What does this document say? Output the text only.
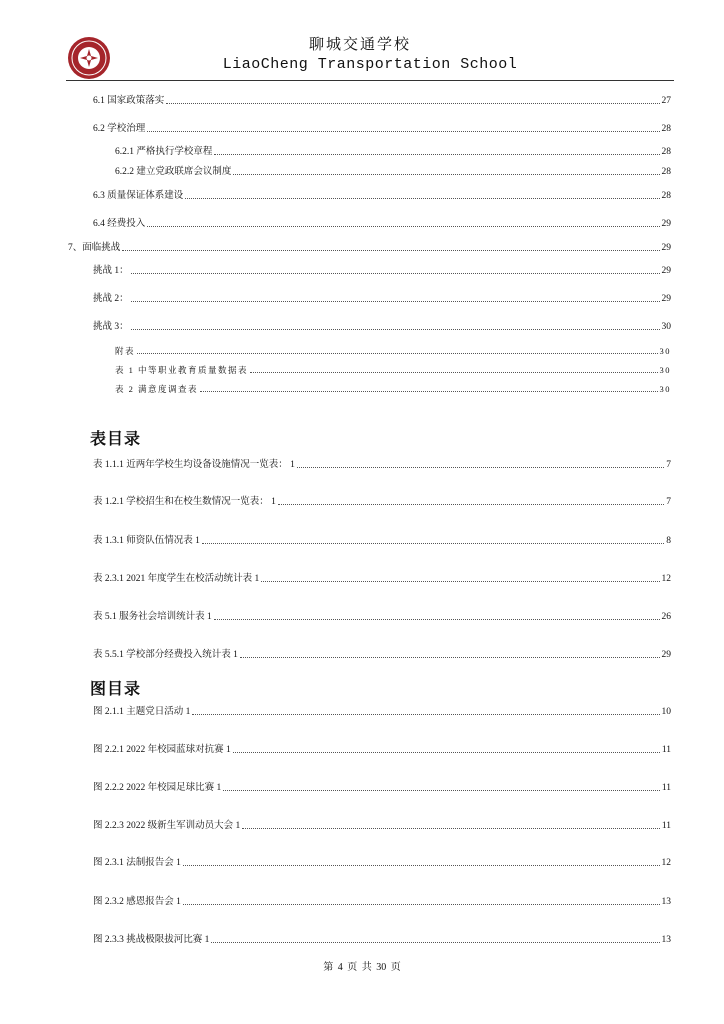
聊城交通学校
LiaoCheng Transportation School
6.1 国家政策落实	27
6.2 学校治理	28
6.2.1 严格执行学校章程	28
6.2.2 建立党政联席会议制度	28
6.3 质量保证体系建设	28
6.4 经费投入	29
7、面临挑战	29
挑战 1：	29
挑战 2：	29
挑战 3：	30
附表	30
表 1 中等职业教育质量数据表	30
表 2 满意度调查表	30
表目录
表 1.1.1 近两年学校生均设备设施情况一览表： 1	7
表 1.2.1 学校招生和在校生数情况一览表： 1	7
表 1.3.1 师资队伍情况表 1	8
表 2.3.1 2021 年度学生在校活动统计表 1	12
表 5.1 服务社会培训统计表 1	26
表 5.5.1 学校部分经费投入统计表 1	29
图目录
图 2.1.1 主题党日活动 1	10
图 2.2.1 2022 年校园蓝球对抗赛 1	11
图 2.2.2 2022 年校园足球比赛 1	11
图 2.2.3 2022 级新生军训动员大会 1	11
图 2.3.1 法制报告会 1	12
图 2.3.2 感恩报告会 1	13
图 2.3.3 挑战极限拔河比赛 1	13
第 4 页 共 30 页
